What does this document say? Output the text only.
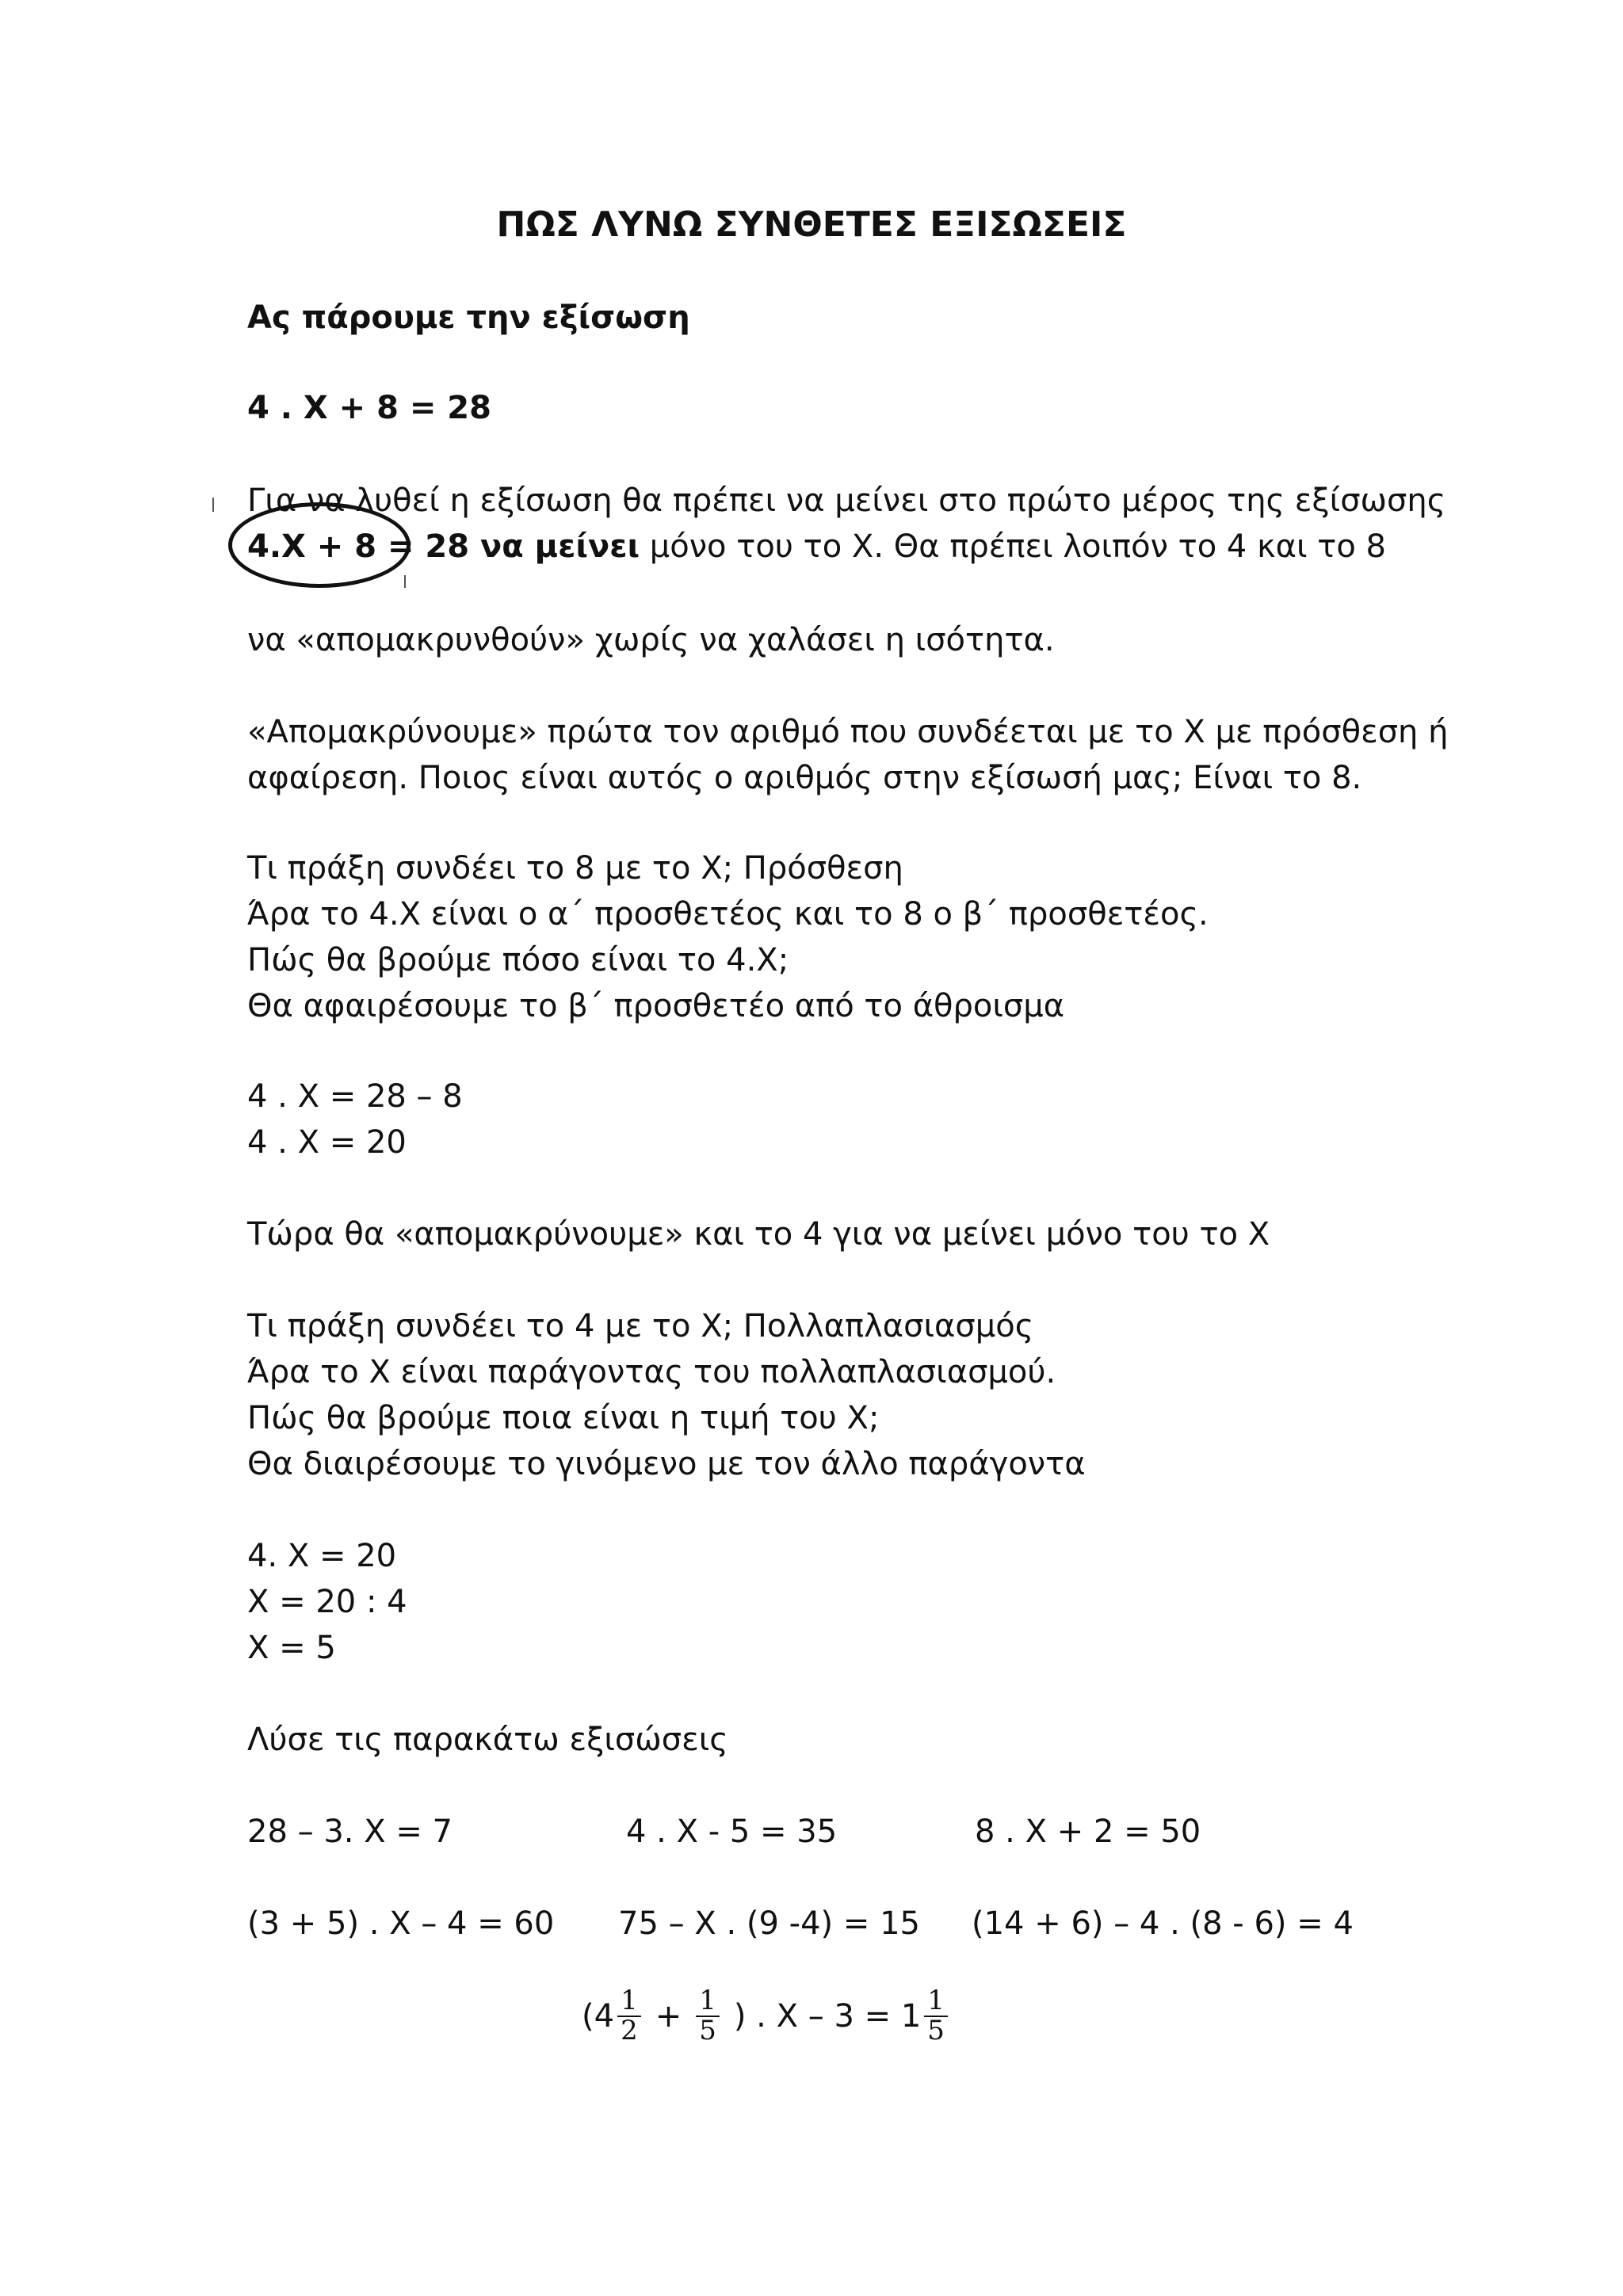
ΠΩΣ ΛΥΝΩ ΣΥΝΘΕΤΕΣ ΕΞΙΣΩΣΕΙΣ
Ας πάρουμε την εξίσωση
4 . Χ + 8 = 28
Για να λυθεί η εξίσωση θα πρέπει να μείνει στο πρώτο μέρος της εξίσωσης
4.Χ + 8 = 28 να μείνει μόνο του το Χ. Θα πρέπει λοιπόν το 4 και το 8
να «απομακρυνθούν» χωρίς να χαλάσει η ισότητα.
«Απομακρύνουμε» πρώτα τον αριθμό που συνδέεται με το Χ με πρόσθεση ή
αφαίρεση. Ποιος είναι αυτός ο αριθμός στην εξίσωσή μας; Είναι το 8.
Τι πράξη συνδέει το 8 με το Χ; Πρόσθεση
Άρα το 4.Χ είναι ο α΄ προσθετέος και το 8 ο β΄ προσθετέος.
Πώς θα βρούμε πόσο είναι το 4.Χ;
Θα αφαιρέσουμε το β΄ προσθετέο από το άθροισμα
4 . Χ = 28 – 8
4 . Χ = 20
Τώρα θα «απομακρύνουμε» και το 4 για να μείνει μόνο του το Χ
Τι πράξη συνδέει το 4 με το Χ; Πολλαπλασιασμός
Άρα το Χ είναι παράγοντας του πολλαπλασιασμού.
Πώς θα βρούμε ποια είναι η τιμή του Χ;
Θα διαιρέσουμε το γινόμενο με τον άλλο παράγοντα
4. Χ = 20
Χ = 20 : 4
Χ = 5
Λύσε τις παρακάτω εξισώσεις
28 – 3. Χ = 7	4 . Χ - 5 = 35	8 . Χ + 2 = 50
(3 + 5) . Χ – 4 = 60 75 – Χ . (9 -4) = 15 (14 + 6) – 4 . (8 - 6) = 4
($4 \frac{1}{2} + \frac{1}{5}$ ) . $X - 3 = 1 \frac{1}{5}$
